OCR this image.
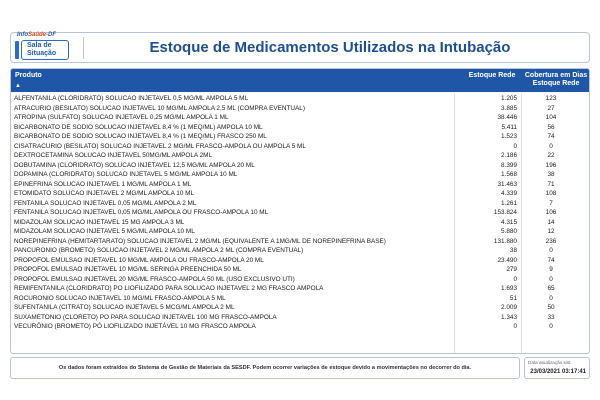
InfoSaúde-DF
Sala de Situação	Estoque de Medicamentos Utilizados na Intubação
Produto
▲
Estoque Rede	Cobertura em Dias Estoque Rede
ALFENTANILA (CLORIDRATO) SOLUCAO INJETAVEL 0,5 MG/ML AMPOLA 5 ML	1.205	123
ATRACURIO (BESILATO) SOLUCAO INJETAVEL 10 MG/ML AMPOLA 2,5 ML (COMPRA EVENTUAL)	3.885	27
ATROPINA (SULFATO) SOLUCAO INJETAVEL 0,25 MG/ML AMPOLA 1 ML	38.446	104
BICARBONATO DE SODIO SOLUCAO INJETAVEL 8,4 % (1 MEQ/ML) AMPOLA 10 ML	5.411	56
BICARBONATO DE SODIO SOLUCAO INJETAVEL 8,4 % (1 MEQ/ML) FRASCO 250 ML	1.523	74
CISATRACURIO (BESILATO) SOLUCAO INJETAVEL 2 MG/ML FRASCO-AMPOLA OU AMPOLA 5 ML	0	0
DEXTROCETAMINA SOLUCAO INJETAVEL 50MG/ML AMPOLA 2ML	2.186	22
DOBUTAMINA (CLORIDRATO) SOLUCAO INJETAVEL 12,5 MG/ML AMPOLA 20 ML	8.399	196
DOPAMINA (CLORIDRATO) SOLUCAO INJETAVEL 5 MG/ML AMPOLA 10 ML	1.568	38
EPINEFRINA SOLUCAO INJETAVEL 1 MG/ML AMPOLA 1 ML	31.463	71
ETOMIDATO SOLUCAO INJETAVEL 2 MG/ML AMPOLA 10 ML	4.339	108
FENTANILA SOLUCAO INJETAVEL 0,05 MG/ML AMPOLA 2 ML	1.261	7
FENTANILA SOLUCAO INJETAVEL 0,05 MG/ML AMPOLA OU FRASCO-AMPOLA 10 ML	153.824	106
MIDAZOLAM SOLUCAO INJETAVEL 15 MG AMPOLA 3 ML	4.315	14
MIDAZOLAM SOLUCAO INJETAVEL 5 MG/ML AMPOLA 10 ML	5.880	12
NOREPINEFRINA (HEMITARTARATO) SOLUCAO INJETAVEL 2 MG/ML (EQUIVALENTE A 1MG/ML DE NOREPINEFRINA BASE)	131.880	236
PANCURONIO (BROMETO) SOLUCAO INJETAVEL 2 MG/ML AMPOLA 2 ML (COMPRA EVENTUAL)	38	0
PROPOFOL EMULSAO INJETAVEL 10 MG/ML AMPOLA OU FRASCO-AMPOLA 20 ML	23.490	74
PROPOFOL EMULSAO INJETAVEL 10 MG/ML SERINGA PREENCHIDA 50 ML	279	9
PROPOFOL EMULSAO INJETAVEL 20 MG/ML FRASCO-AMPOLA 50 ML (USO EXCLUSIVO UTI)	0	0
REMIFENTANILA (CLORIDRATO) PO LIOFILIZADO PARA SOLUCAO INJETAVEL 2 MG FRASCO AMPOLA	1.693	65
ROCURONIO SOLUCAO INJETAVEL 10 MG/ML FRASCO-AMPOLA 5 ML	51	0
SUFENTANILA (CITRATO) SOLUCAO INJETAVEL 5 MCG/ML AMPOLA 2 ML	2.009	50
SUXAMETONIO (CLORETO) PO PARA SOLUCAO INJETAVEL 100 MG FRASCO-AMPOLA	1.343	33
VECURÔNIO (BROMETO) PÓ LIOFILIZADO INJETÁVEL 10 MG FRASCO AMPOLA	0	0
Os dados foram extraídos do Sistema de Gestão de Materiais da SESDF. Podem ocorrer variações de estoque devido a movimentações no decorrer do dia.
Data atualização sist.
23/03/2021 03:17:41
